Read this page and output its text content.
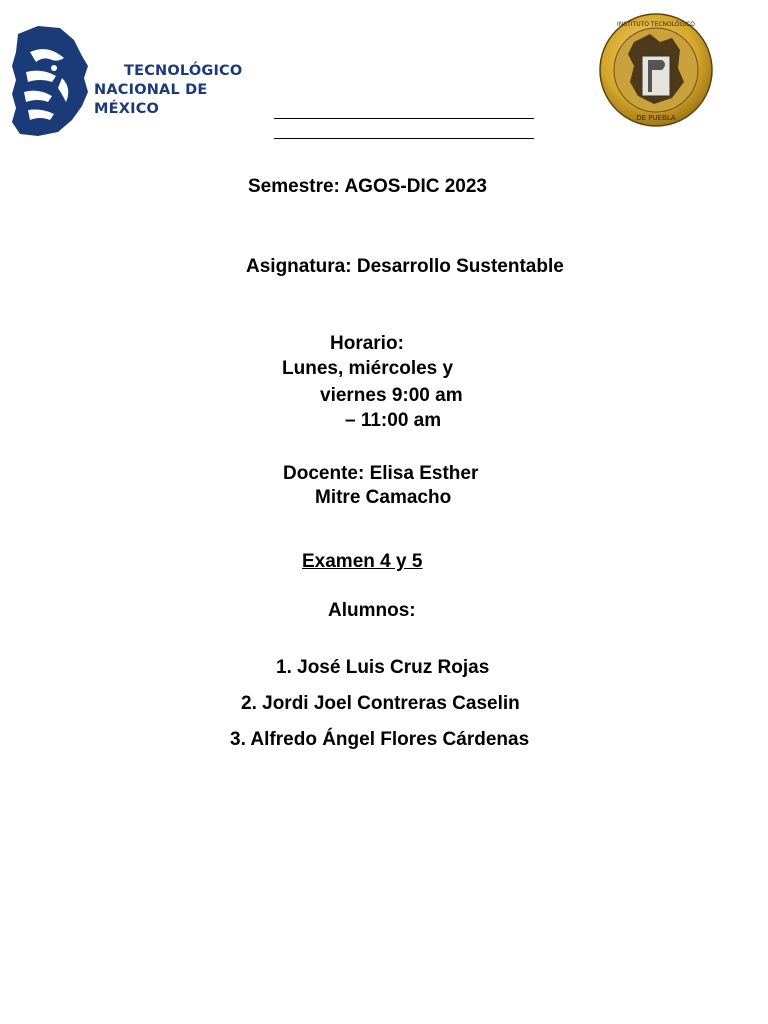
TECNOLÓGICO
NACIONAL DE MÉXICO
DE PUEBLA
INSTITUTO TECNOLÓGICO
Semestre: AGOS-DIC 2023
Asignatura: Desarrollo Sustentable
Horario:
Lunes, miércoles y
viernes 9:00 am
– 11:00 am
Docente: Elisa Esther
Mitre Camacho
Examen 4 y 5
Alumnos:
1. José Luis Cruz Rojas
2. Jordi Joel Contreras Caselin
3. Alfredo Ángel Flores Cárdenas
